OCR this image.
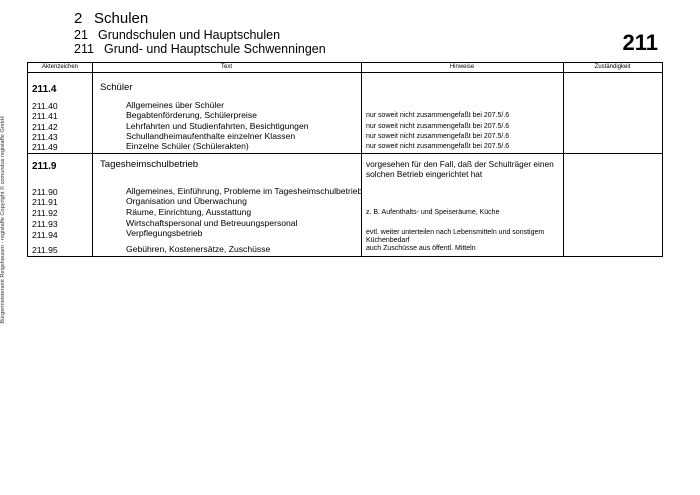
2 Schulen
21 Grundschulen und Hauptschulen
211 Grund- und Hauptschule Schwenningen	211
Bürgermeisteramt Reigshausen - registaffe Copyright © comundus registaffe GmbH
Aktenzeichen	Text	Hinweise	Zuständigkeit
211.4	Schüler
211.40	Allgemeines über Schüler
211.41	Begabtenförderung, Schülerpreise	nur soweit nicht zusammengefaßt bei 207.5/.6
211.42	Lehrfahrten und Studienfahrten, Besichtigungen	nur soweit nicht zusammengefaßt bei 207.5/.6
211.43	Schullandheimaufenthalte einzelner Klassen	nur soweit nicht zusammengefaßt bei 207.5/.6
211.49	Einzelne Schüler (Schülerakten)	nur soweit nicht zusammengefaßt bei 207.5/.6
211.9	Tagesheimschulbetrieb	vorgesehen für den Fall, daß der Schulträger einen
solchen Betrieb eingerichtet hat
211.90	Allgemeines, Einführung, Probleme im Tagesheimschulbetrieb
211.91	Organisation und Überwachung
211.92	Räume, Einrichtung, Ausstattung	z. B. Aufenthalts- und Speiseräume, Küche
211.93	Wirtschaftspersonal und Betreuungspersonal
211.94	Verpflegungsbetrieb	evtl. weiter unterteilen nach Lebensmitteln und sonstigem
Küchenbedarf
211.95	Gebühren, Kostenersätze, Zuschüsse	auch Zuschüsse aus öffentl. Mitteln
